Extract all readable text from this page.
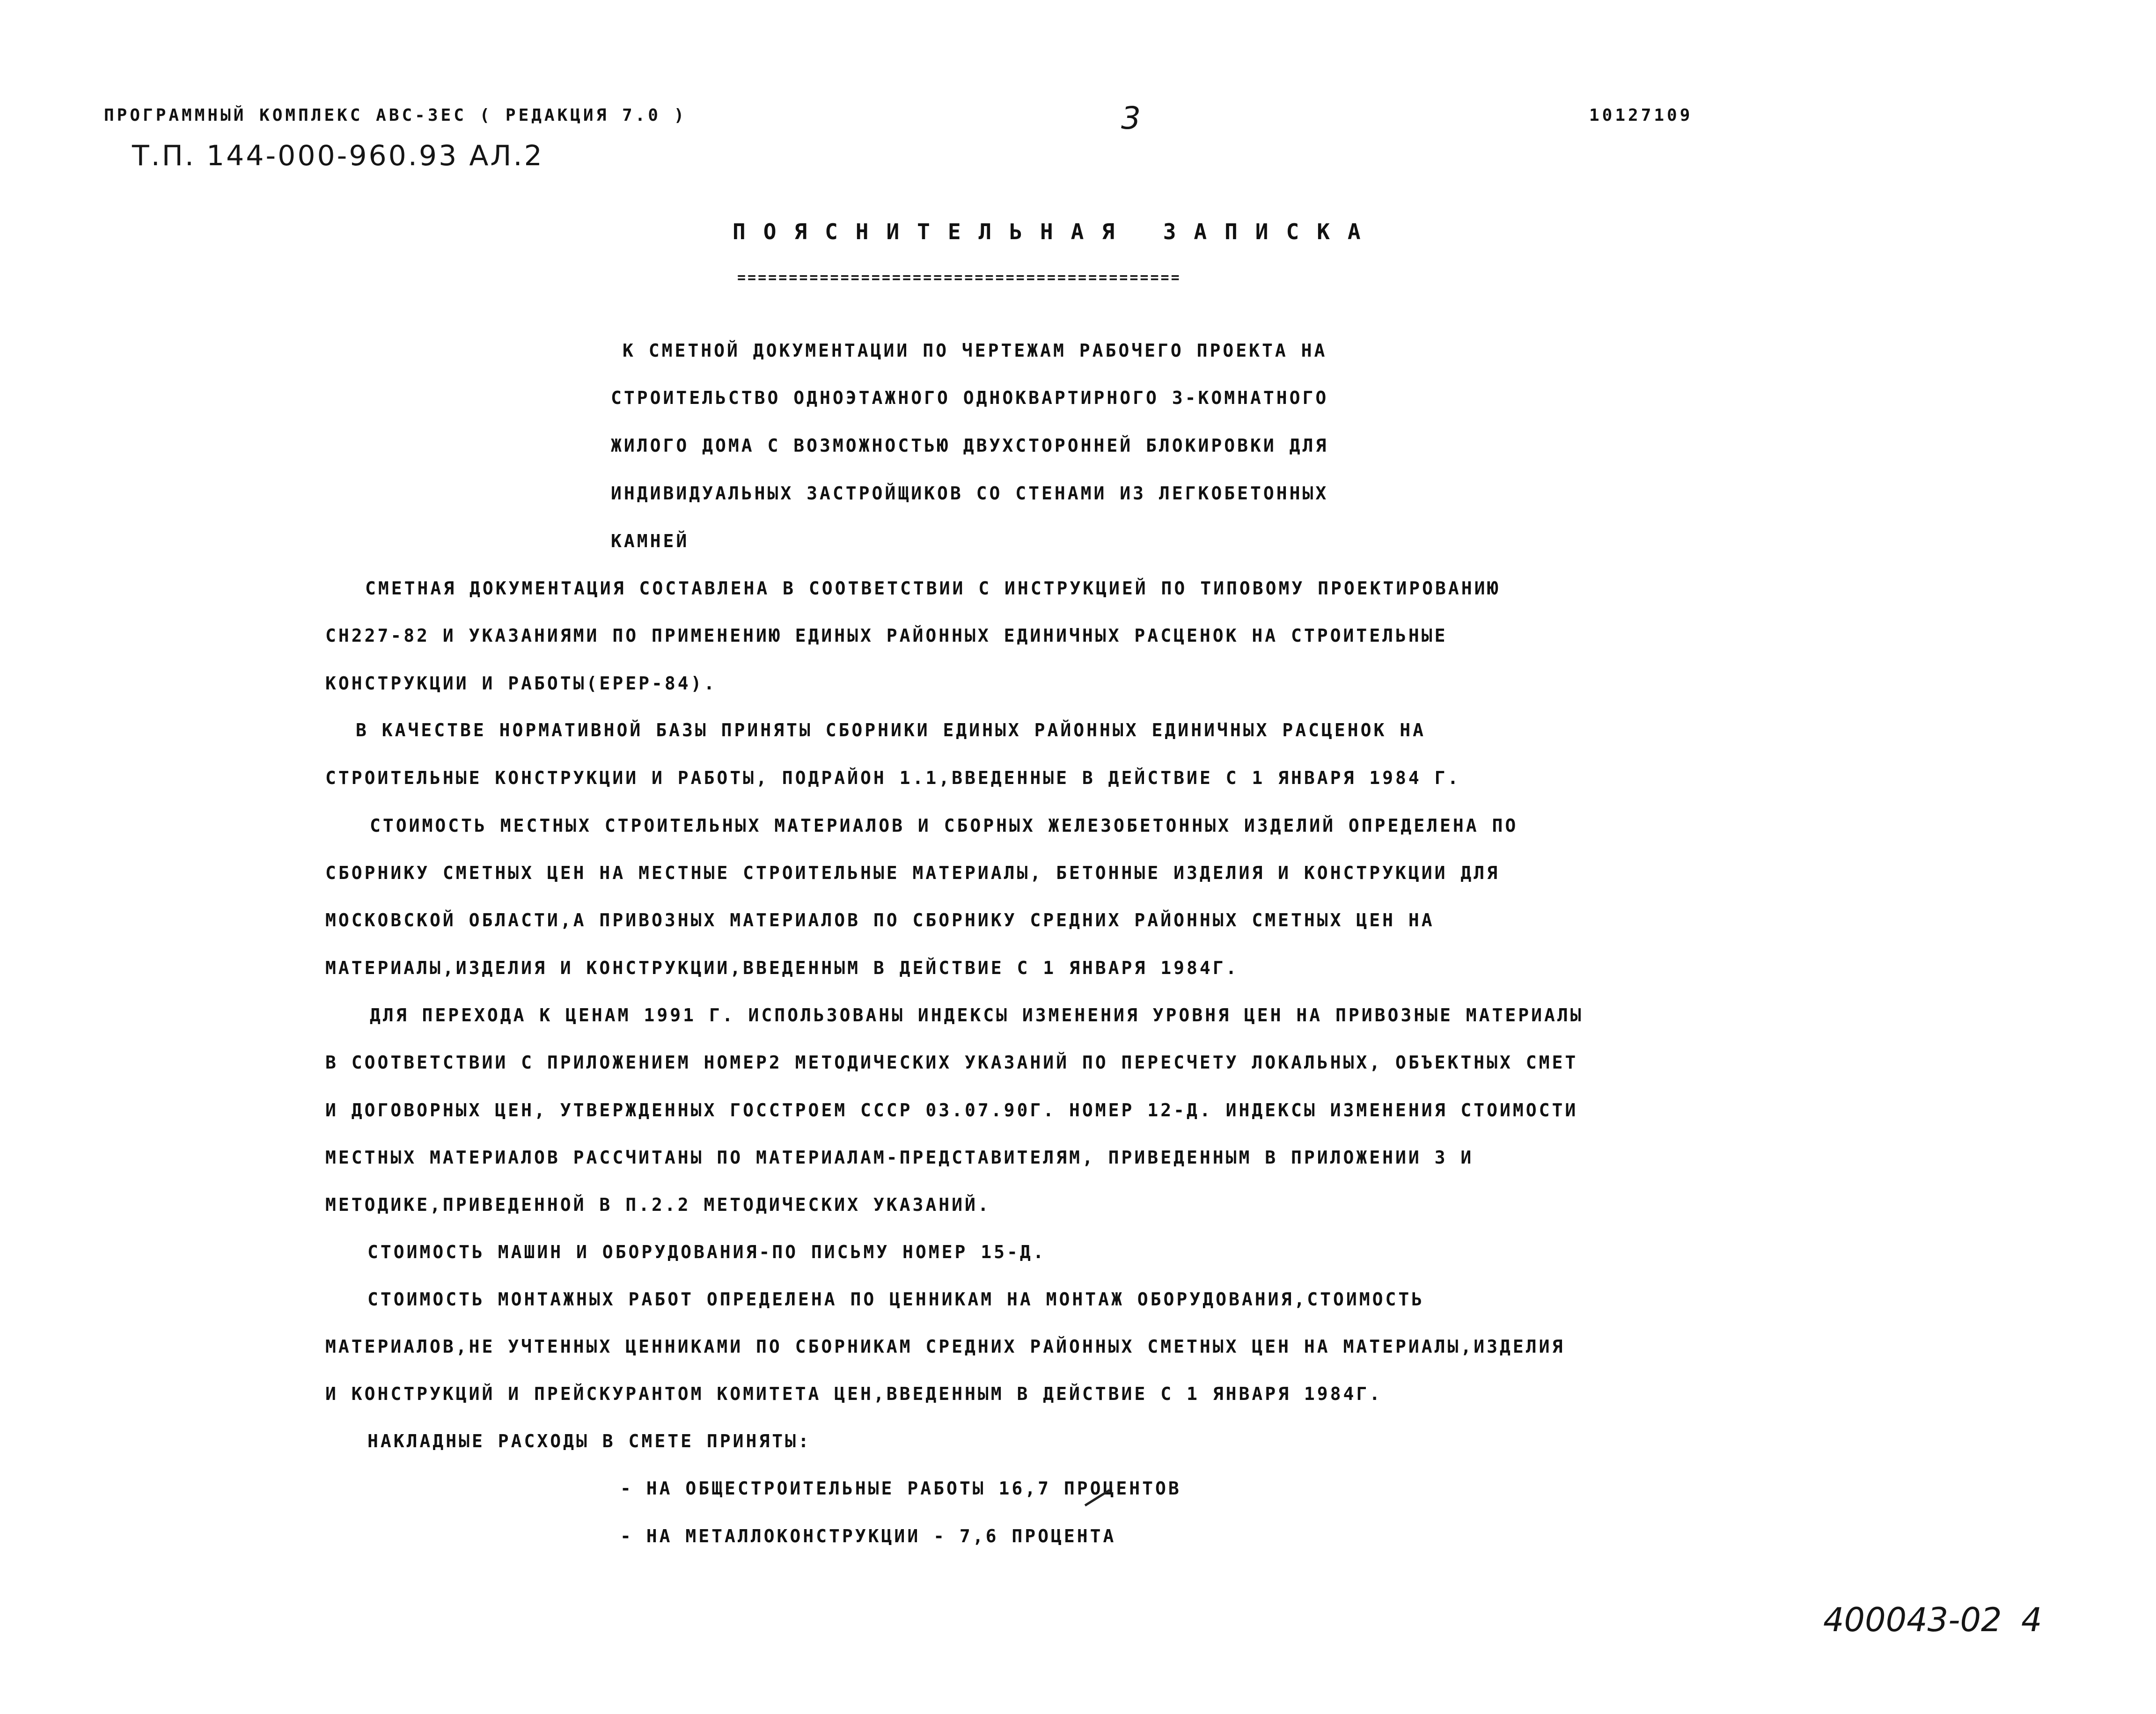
ПРОГРАММНЫЙ КОМПЛЕКС АВС-3ЕС ( РЕДАКЦИЯ 7.0 )	3	10127109
Т.П. 144-000-960.93 АЛ.2
ПОЯСНИТЕЛЬНАЯ ЗАПИСКА
===========================================
К СМЕТНОЙ ДОКУМЕНТАЦИИ ПО ЧЕРТЕЖАМ РАБОЧЕГО ПРОЕКТА НА
СТРОИТЕЛЬСТВО ОДНОЭТАЖНОГО ОДНОКВАРТИРНОГО 3-КОМНАТНОГО
ЖИЛОГО ДОМА С ВОЗМОЖНОСТЬЮ ДВУХСТОРОННЕЙ БЛОКИРОВКИ ДЛЯ
ИНДИВИДУАЛЬНЫХ ЗАСТРОЙЩИКОВ СО СТЕНАМИ ИЗ ЛЕГКОБЕТОННЫХ
КАМНЕЙ
СМЕТНАЯ ДОКУМЕНТАЦИЯ СОСТАВЛЕНА В СООТВЕТСТВИИ С ИНСТРУКЦИЕЙ ПО ТИПОВОМУ ПРОЕКТИРОВАНИЮ
СН227-82 И УКАЗАНИЯМИ ПО ПРИМЕНЕНИЮ ЕДИНЫХ РАЙОННЫХ ЕДИНИЧНЫХ РАСЦЕНОК НА СТРОИТЕЛЬНЫЕ
КОНСТРУКЦИИ И РАБОТЫ(ЕРЕР-84).
В КАЧЕСТВЕ НОРМАТИВНОЙ БАЗЫ ПРИНЯТЫ СБОРНИКИ ЕДИНЫХ РАЙОННЫХ ЕДИНИЧНЫХ РАСЦЕНОК НА
СТРОИТЕЛЬНЫЕ КОНСТРУКЦИИ И РАБОТЫ, ПОДРАЙОН 1.1,ВВЕДЕННЫЕ В ДЕЙСТВИЕ С 1 ЯНВАРЯ 1984 Г.
СТОИМОСТЬ МЕСТНЫХ СТРОИТЕЛЬНЫХ МАТЕРИАЛОВ И СБОРНЫХ ЖЕЛЕЗОБЕТОННЫХ ИЗДЕЛИЙ ОПРЕДЕЛЕНА ПО
СБОРНИКУ СМЕТНЫХ ЦЕН НА МЕСТНЫЕ СТРОИТЕЛЬНЫЕ МАТЕРИАЛЫ, БЕТОННЫЕ ИЗДЕЛИЯ И КОНСТРУКЦИИ ДЛЯ
МОСКОВСКОЙ ОБЛАСТИ,А ПРИВОЗНЫХ МАТЕРИАЛОВ ПО СБОРНИКУ СРЕДНИХ РАЙОННЫХ СМЕТНЫХ ЦЕН НА
МАТЕРИАЛЫ,ИЗДЕЛИЯ И КОНСТРУКЦИИ,ВВЕДЕННЫМ В ДЕЙСТВИЕ С 1 ЯНВАРЯ 1984Г.
ДЛЯ ПЕРЕХОДА К ЦЕНАМ 1991 Г. ИСПОЛЬЗОВАНЫ ИНДЕКСЫ ИЗМЕНЕНИЯ УРОВНЯ ЦЕН НА ПРИВОЗНЫЕ МАТЕРИАЛЫ
В СООТВЕТСТВИИ С ПРИЛОЖЕНИЕМ НОМЕР2 МЕТОДИЧЕСКИХ УКАЗАНИЙ ПО ПЕРЕСЧЕТУ ЛОКАЛЬНЫХ, ОБЪЕКТНЫХ СМЕТ
И ДОГОВОРНЫХ ЦЕН, УТВЕРЖДЕННЫХ ГОССТРОЕМ СССР 03.07.90Г. НОМЕР 12-Д. ИНДЕКСЫ ИЗМЕНЕНИЯ СТОИМОСТИ
МЕСТНЫХ МАТЕРИАЛОВ РАССЧИТАНЫ ПО МАТЕРИАЛАМ-ПРЕДСТАВИТЕЛЯМ, ПРИВЕДЕННЫМ В ПРИЛОЖЕНИИ 3 И
МЕТОДИКЕ,ПРИВЕДЕННОЙ В П.2.2 МЕТОДИЧЕСКИХ УКАЗАНИЙ.
СТОИМОСТЬ МАШИН И ОБОРУДОВАНИЯ-ПО ПИСЬМУ НОМЕР 15-Д.
СТОИМОСТЬ МОНТАЖНЫХ РАБОТ ОПРЕДЕЛЕНА ПО ЦЕННИКАМ НА МОНТАЖ ОБОРУДОВАНИЯ,СТОИМОСТЬ
МАТЕРИАЛОВ,НЕ УЧТЕННЫХ ЦЕННИКАМИ ПО СБОРНИКАМ СРЕДНИХ РАЙОННЫХ СМЕТНЫХ ЦЕН НА МАТЕРИАЛЫ,ИЗДЕЛИЯ
И КОНСТРУКЦИЙ И ПРЕЙСКУРАНТОМ КОМИТЕТА ЦЕН,ВВЕДЕННЫМ В ДЕЙСТВИЕ С 1 ЯНВАРЯ 1984Г.
НАКЛАДНЫЕ РАСХОДЫ В СМЕТЕ ПРИНЯТЫ:
- НА ОБЩЕСТРОИТЕЛЬНЫЕ РАБОТЫ 16,7 ПРОЦЕНТОВ
- НА МЕТАЛЛОКОНСТРУКЦИИ - 7,6 ПРОЦЕНТА
400043-02 4
